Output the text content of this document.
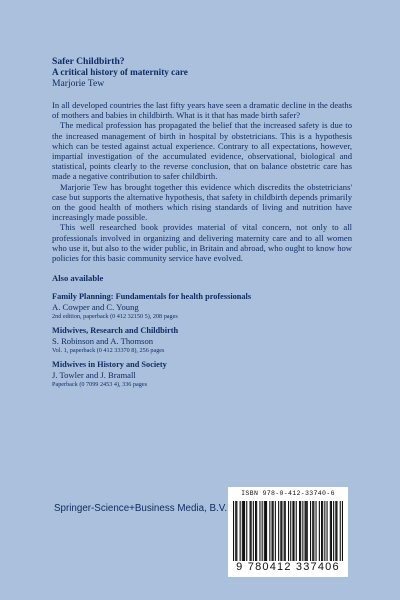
Safer Childbirth?
A critical history of maternity care
Marjorie Tew

In all developed countries the last fifty years have seen a dramatic decline in the deaths of mothers and babies in childbirth. What is it that has made birth safer?

The medical profession has propagated the belief that the increased safety is due to the increased management of birth in hospital by obstetricians. This is a hypothesis which can be tested against actual experience. Contrary to all expectations, however, impartial investigation of the accumulated evidence, observational, biological and statistical, points clearly to the reverse conclusion, that on balance obstetric care has made a negative contribution to safer childbirth.

Marjorie Tew has brought together this evidence which discredits the obstetricians' case but supports the alternative hypothesis, that safety in childbirth depends primarily on the good health of mothers which rising standards of living and nutrition have increasingly made possible.

This well researched book provides material of vital concern, not only to all professionals involved in organizing and delivering maternity care and to all women who use it, but also to the wider public, in Britain and abroad, who ought to know how policies for this basic community service have evolved.

Also available
Family Planning: Fundamentals for health professionals
A. Cowper and C. Young
2nd edition, paperback (0 412 32150 5), 208 pages
Midwives, Research and Childbirth
S. Robinson and A. Thomson
Vol. 1, paperback (0 412 33370 8), 256 pages
Midwives in History and Society
J. Towler and J. Bramall
Paperback (0 7099 2453 4), 336 pages
Springer-Science+Business Media, B.V.
ISBN 978-0-412-33740-6
9 780412 337406
